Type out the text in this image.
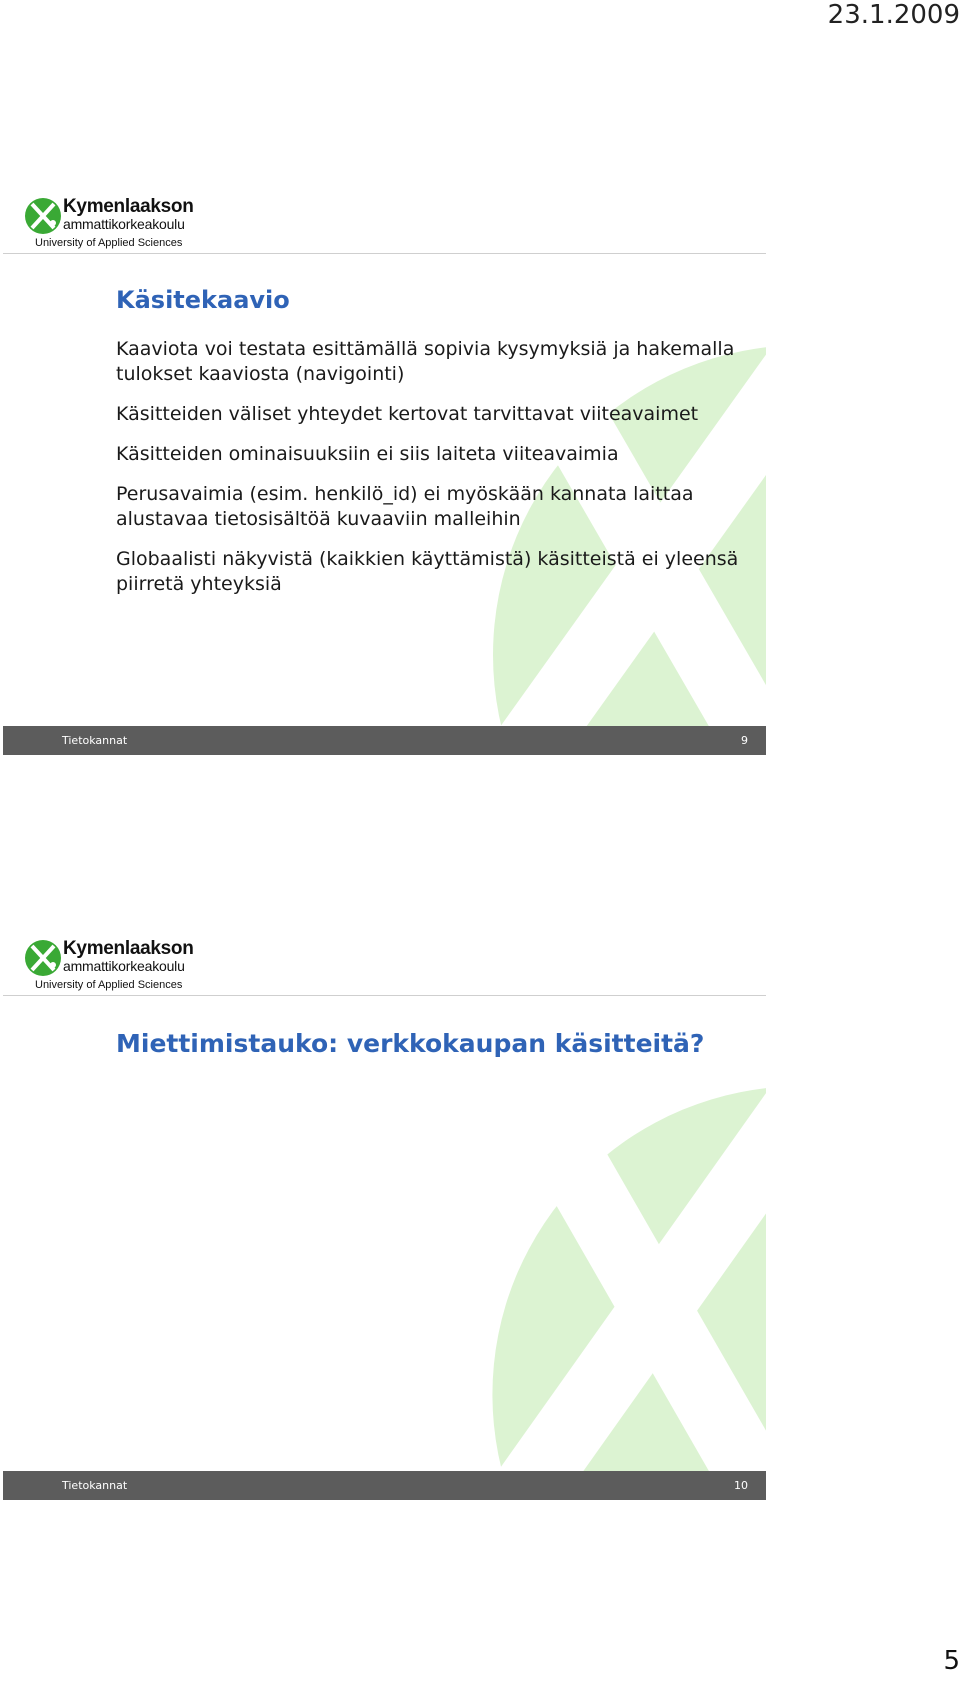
23.1.2009
Kymenlaakson
ammattikorkeakoulu
University of Applied Sciences
Käsitekaavio
Kaaviota voi testata esittämällä sopivia kysymyksiä ja hakemalla tulokset kaaviosta (navigointi)
Käsitteiden väliset yhteydet kertovat tarvittavat viiteavaimet
Käsitteiden ominaisuuksiin ei siis laiteta viiteavaimia
Perusavaimia (esim. henkilö_id) ei myöskään kannata laittaa alustavaa tietosisältöä kuvaaviin malleihin
Globaalisti näkyvistä (kaikkien käyttämistä) käsitteistä ei yleensä piirretä yhteyksiä
Tietokannat	9
Kymenlaakson
ammattikorkeakoulu
University of Applied Sciences
Miettimistauko: verkkokaupan käsitteitä?
Tietokannat	10
5
